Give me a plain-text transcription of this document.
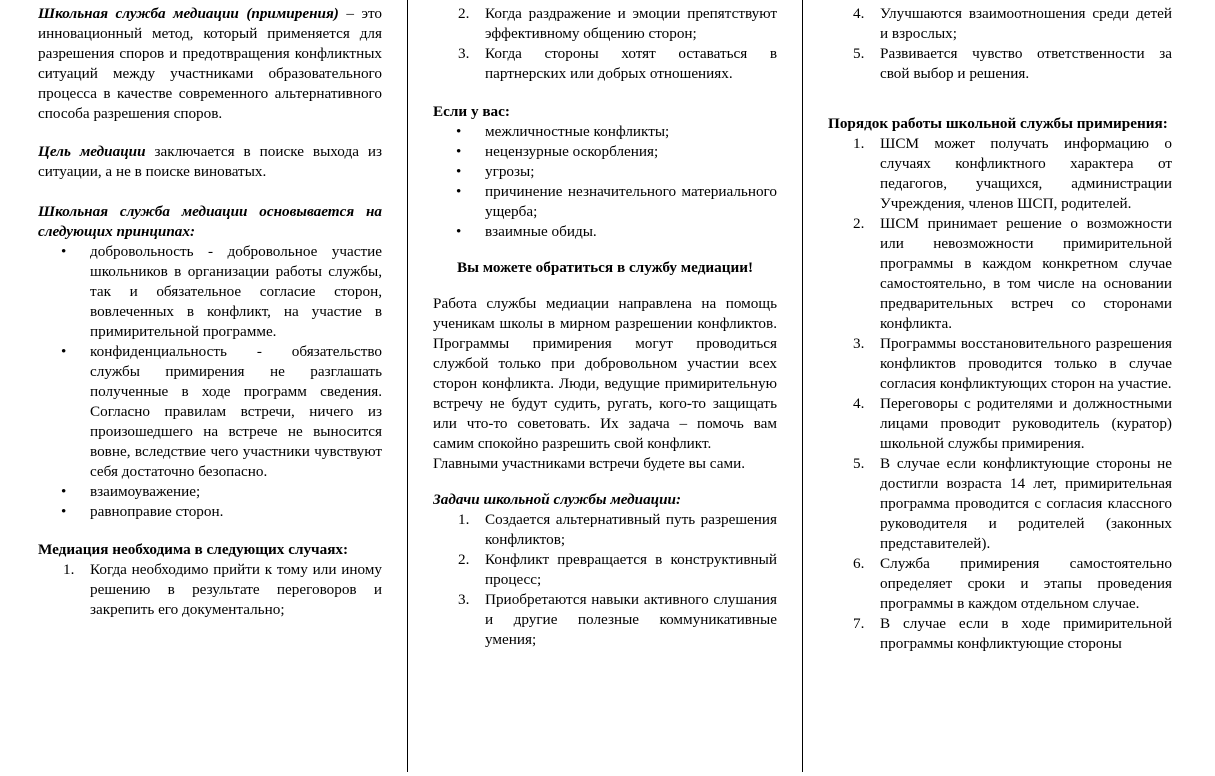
Школьная служба медиации (примирения) – это инновационный метод, который применяется для разрешения споров и предотвращения конфликтных ситуаций между участниками образовательного процесса в качестве современного альтернативного способа разрешения споров.

Цель медиации заключается в поиске выхода из ситуации, а не в поиске виноватых.

Школьная служба медиации основывается на следующих принципах:

• добровольность - добровольное участие школьников в организации работы службы, так и обязательное согласие сторон, вовлеченных в конфликт, на участие в примирительной программе.
• конфиденциальность - обязательство службы примирения не разглашать полученные в ходе программ сведения. Согласно правилам встречи, ничего из произошедшего на встрече не выносится вовне, вследствие чего участники чувствуют себя достаточно безопасно.
• взаимоуважение;
• равноправие сторон.

Медиация необходима в следующих случаях:

1. Когда необходимо прийти к тому или иному решению в результате переговоров и закрепить его документально;
2. Когда раздражение и эмоции препятствуют эффективному общению сторон;
3. Когда стороны хотят оставаться в партнерских или добрых отношениях.

Если у вас:

• межличностные конфликты;
• нецензурные оскорбления;
• угрозы;
• причинение незначительного материального ущерба;
• взаимные обиды.

Вы можете обратиться в службу медиации!

Работа службы медиации направлена на помощь ученикам школы в мирном разрешении конфликтов. Программы примирения могут проводиться службой только при добровольном участии всех сторон конфликта. Люди, ведущие примирительную встречу не будут судить, ругать, кого-то защищать или что-то советовать. Их задача – помочь вам самим спокойно разрешить свой конфликт.

Главными участниками встречи будете вы сами.

Задачи школьной службы медиации:

1. Создается альтернативный путь разрешения конфликтов;
2. Конфликт превращается в конструктивный процесс;
3. Приобретаются навыки активного слушания и другие полезные коммуникативные умения;
4. Улучшаются взаимоотношения среди детей и взрослых;
5. Развивается чувство ответственности за свой выбор и решения.

Порядок работы школьной службы примирения:

1. ШСМ может получать информацию о случаях конфликтного характера от педагогов, учащихся, администрации Учреждения, членов ШСП, родителей.
2. ШСМ принимает решение о возможности или невозможности примирительной программы в каждом конкретном случае самостоятельно, в том числе на основании предварительных встреч со сторонами конфликта.
3. Программы восстановительного разрешения конфликтов проводится только в случае согласия конфликтующих сторон на участие.
4. Переговоры с родителями и должностными лицами проводит руководитель (куратор) школьной службы примирения.
5. В случае если конфликтующие стороны не достигли возраста 14 лет, примирительная программа проводится с согласия классного руководителя и родителей (законных представителей).
6. Служба примирения самостоятельно определяет сроки и этапы проведения программы в каждом отдельном случае.
7. В случае если в ходе примирительной программы конфликтующие стороны
